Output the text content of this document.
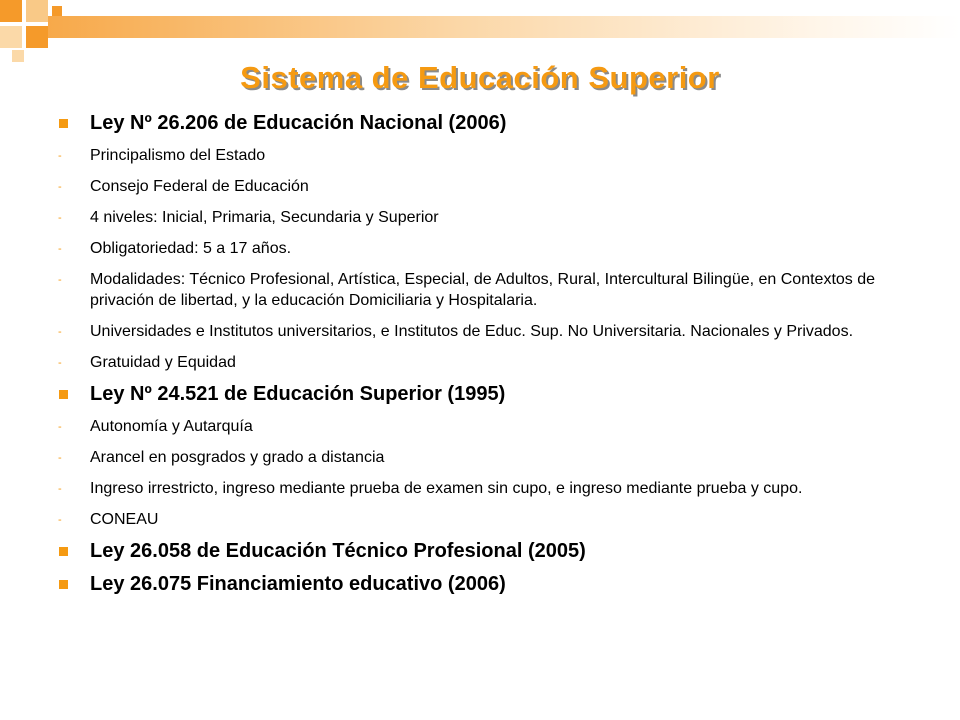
Sistema de Educación Superior
Ley Nº 26.206 de Educación Nacional (2006)
- Principalismo del Estado
- Consejo Federal de Educación
- 4 niveles: Inicial, Primaria, Secundaria y Superior
- Obligatoriedad: 5 a 17 años.
- Modalidades: Técnico Profesional, Artística, Especial, de Adultos, Rural, Intercultural Bilingüe, en Contextos de privación de libertad, y la educación Domiciliaria y Hospitalaria.
- Universidades e Institutos universitarios, e Institutos de Educ. Sup. No Universitaria. Nacionales y Privados.
- Gratuidad y Equidad
Ley Nº 24.521 de Educación Superior (1995)
- Autonomía y Autarquía
- Arancel en posgrados y grado a distancia
- Ingreso irrestricto, ingreso mediante prueba de examen sin cupo, e ingreso mediante prueba y cupo.
- CONEAU
Ley 26.058 de Educación Técnico Profesional (2005)
Ley 26.075 Financiamiento educativo (2006)
